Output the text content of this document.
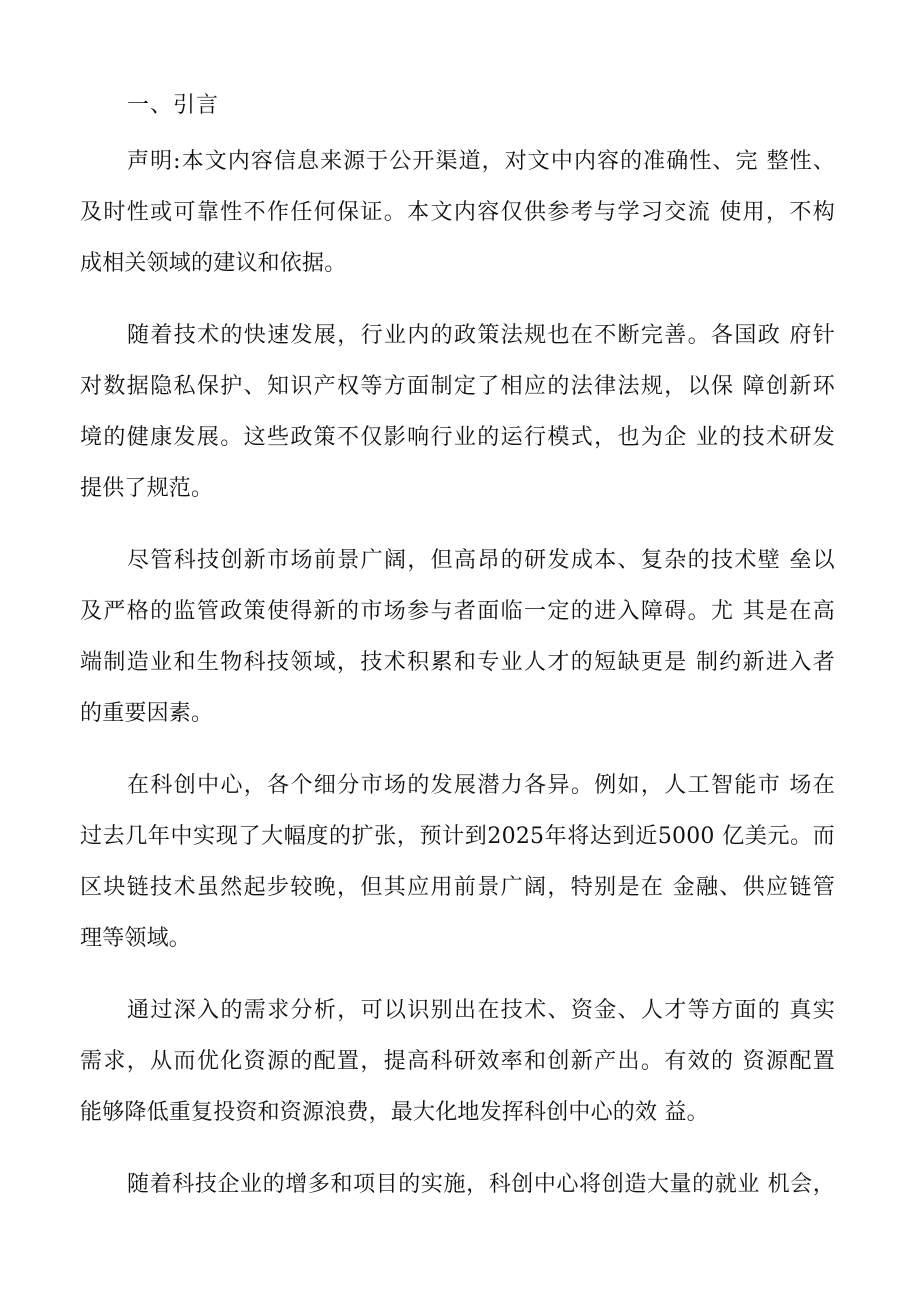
一、引言
声明:本文内容信息来源于公开渠道，对文中内容的准确性、完 整性、
及时性或可靠性不作任何保证。本文内容仅供参考与学习交流 使用，不构
成相关领域的建议和依据。
随着技术的快速发展，行业内的政策法规也在不断完善。各国政 府针
对数据隐私保护、知识产权等方面制定了相应的法律法规，以保 障创新环
境的健康发展。这些政策不仅影响行业的运行模式，也为企 业的技术研发
提供了规范。
尽管科技创新市场前景广阔，但高昂的研发成本、复杂的技术壁 垒以
及严格的监管政策使得新的市场参与者面临一定的进入障碍。尤 其是在高
端制造业和生物科技领域，技术积累和专业人才的短缺更是 制约新进入者
的重要因素。
在科创中心，各个细分市场的发展潜力各异。例如，人工智能市 场在
过去几年中实现了大幅度的扩张，预计到2025年将达到近5000 亿美元。而
区块链技术虽然起步较晚，但其应用前景广阔，特别是在 金融、供应链管
理等领域。
通过深入的需求分析，可以识别出在技术、资金、人才等方面的 真实
需求，从而优化资源的配置，提高科研效率和创新产出。有效的 资源配置
能够降低重复投资和资源浪费，最大化地发挥科创中心的效 益。
随着科技企业的增多和项目的实施，科创中心将创造大量的就业 机会，
